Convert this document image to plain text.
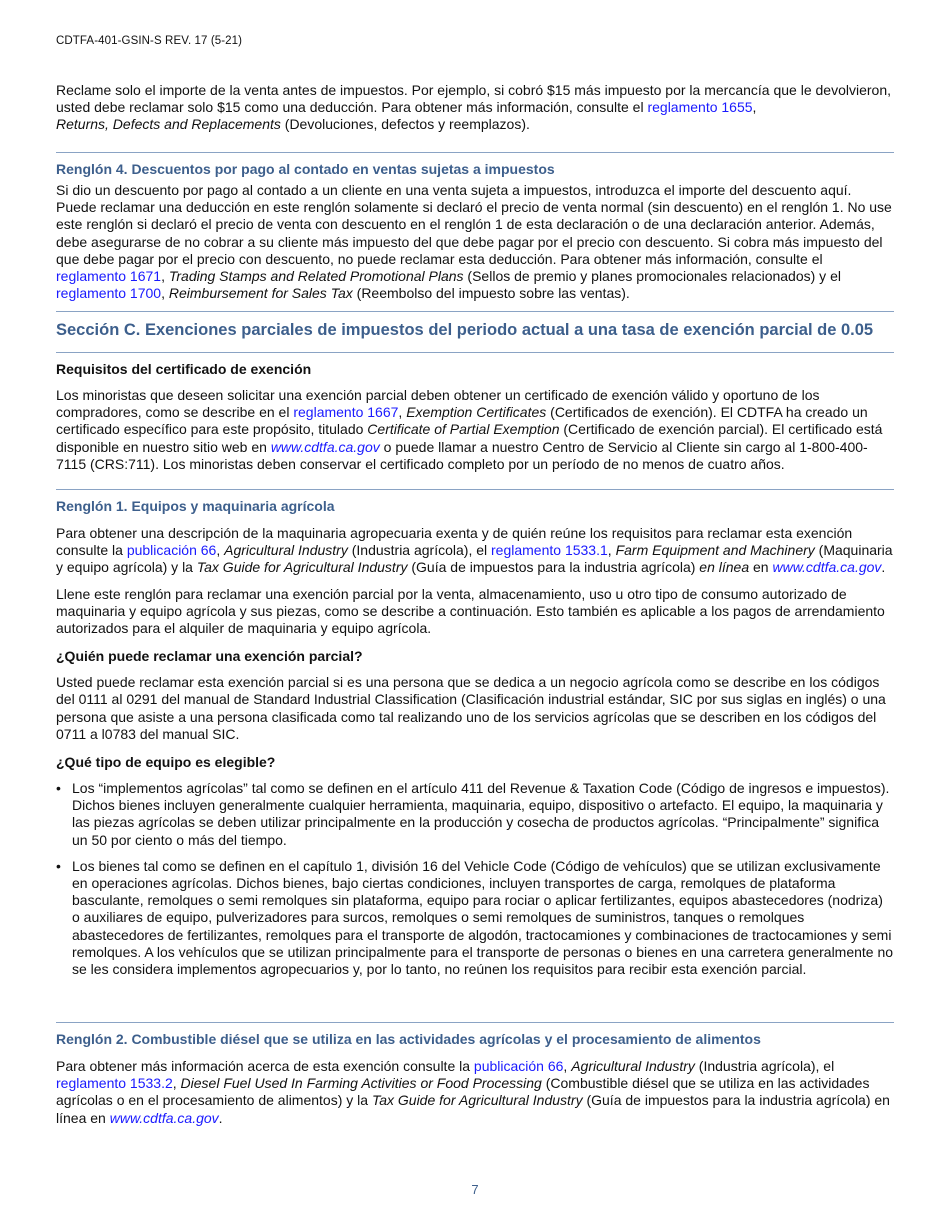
CDTFA-401-GSIN-S REV. 17 (5-21)

Reclame solo el importe de la venta antes de impuestos. Por ejemplo, si cobró $15 más impuesto por la mercancía que le devolvieron, usted debe reclamar solo $15 como una deducción. Para obtener más información, consulte el reglamento 1655,
Returns, Defects and Replacements (Devoluciones, defectos y reemplazos).

Renglón 4. Descuentos por pago al contado en ventas sujetas a impuestos

Si dio un descuento por pago al contado a un cliente en una venta sujeta a impuestos, introduzca el importe del descuento aquí. Puede reclamar una deducción en este renglón solamente si declaró el precio de venta normal (sin descuento) en el renglón 1. No use este renglón si declaró el precio de venta con descuento en el renglón 1 de esta declaración o de una declaración anterior. Además, debe asegurarse de no cobrar a su cliente más impuesto del que debe pagar por el precio con descuento. Si cobra más impuesto del que debe pagar por el precio con descuento, no puede reclamar esta deducción. Para obtener más información, consulte el reglamento 1671, Trading Stamps and Related Promotional Plans (Sellos de premio y planes promocionales relacionados) y el reglamento 1700, Reimbursement for Sales Tax (Reembolso del impuesto sobre las ventas).

Sección C. Exenciones parciales de impuestos del periodo actual a una tasa de exención parcial de 0.05
Requisitos del certificado de exención

Los minoristas que deseen solicitar una exención parcial deben obtener un certificado de exención válido y oportuno de los compradores, como se describe en el reglamento 1667, Exemption Certificates (Certificados de exención). El CDTFA ha creado un certificado específico para este propósito, titulado Certificate of Partial Exemption (Certificado de exención parcial). El certificado está disponible en nuestro sitio web en www.cdtfa.ca.gov o puede llamar a nuestro Centro de Servicio al Cliente sin cargo al 1-800-400-7115 (CRS:711). Los minoristas deben conservar el certificado completo por un período de no menos de cuatro años.

Renglón 1. Equipos y maquinaria agrícola

Para obtener una descripción de la maquinaria agropecuaria exenta y de quién reúne los requisitos para reclamar esta exención consulte la publicación 66, Agricultural Industry (Industria agrícola), el reglamento 1533.1, Farm Equipment and Machinery (Maquinaria y equipo agrícola) y la Tax Guide for Agricultural Industry (Guía de impuestos para la industria agrícola) en línea en www.cdtfa.ca.gov.

Llene este renglón para reclamar una exención parcial por la venta, almacenamiento, uso u otro tipo de consumo autorizado de maquinaria y equipo agrícola y sus piezas, como se describe a continuación. Esto también es aplicable a los pagos de arrendamiento autorizados para el alquiler de maquinaria y equipo agrícola.

¿Quién puede reclamar una exención parcial?

Usted puede reclamar esta exención parcial si es una persona que se dedica a un negocio agrícola como se describe en los códigos del 0111 al 0291 del manual de Standard Industrial Classification (Clasificación industrial estándar, SIC por sus siglas en inglés) o una persona que asiste a una persona clasificada como tal realizando uno de los servicios agrícolas que se describen en los códigos del 0711 a l0783 del manual SIC.

¿Qué tipo de equipo es elegible?
• Los “implementos agrícolas” tal como se definen en el artículo 411 del Revenue & Taxation Code (Código de ingresos e impuestos). Dichos bienes incluyen generalmente cualquier herramienta, maquinaria, equipo, dispositivo o artefacto. El equipo, la maquinaria y las piezas agrícolas se deben utilizar principalmente en la producción y cosecha de productos agrícolas. “Principalmente” significa un 50 por ciento o más del tiempo.
• Los bienes tal como se definen en el capítulo 1, división 16 del Vehicle Code (Código de vehículos) que se utilizan exclusivamente en operaciones agrícolas. Dichos bienes, bajo ciertas condiciones, incluyen transportes de carga, remolques de plataforma basculante, remolques o semi remolques sin plataforma, equipo para rociar o aplicar fertilizantes, equipos abastecedores (nodriza) o auxiliares de equipo, pulverizadores para surcos, remolques o semi remolques de suministros, tanques o remolques abastecedores de fertilizantes, remolques para el transporte de algodón, tractocamiones y combinaciones de tractocamiones y semi remolques. A los vehículos que se utilizan principalmente para el transporte de personas o bienes en una carretera generalmente no se les considera implementos agropecuarios y, por lo tanto, no reúnen los requisitos para recibir esta exención parcial.
Renglón 2. Combustible diésel que se utiliza en las actividades agrícolas y el procesamiento de alimentos

Para obtener más información acerca de esta exención consulte la publicación 66, Agricultural Industry (Industria agrícola), el reglamento 1533.2, Diesel Fuel Used In Farming Activities or Food Processing (Combustible diésel que se utiliza en las actividades agrícolas o en el procesamiento de alimentos) y la Tax Guide for Agricultural Industry (Guía de impuestos para la industria agrícola) en línea en www.cdtfa.ca.gov.

7
